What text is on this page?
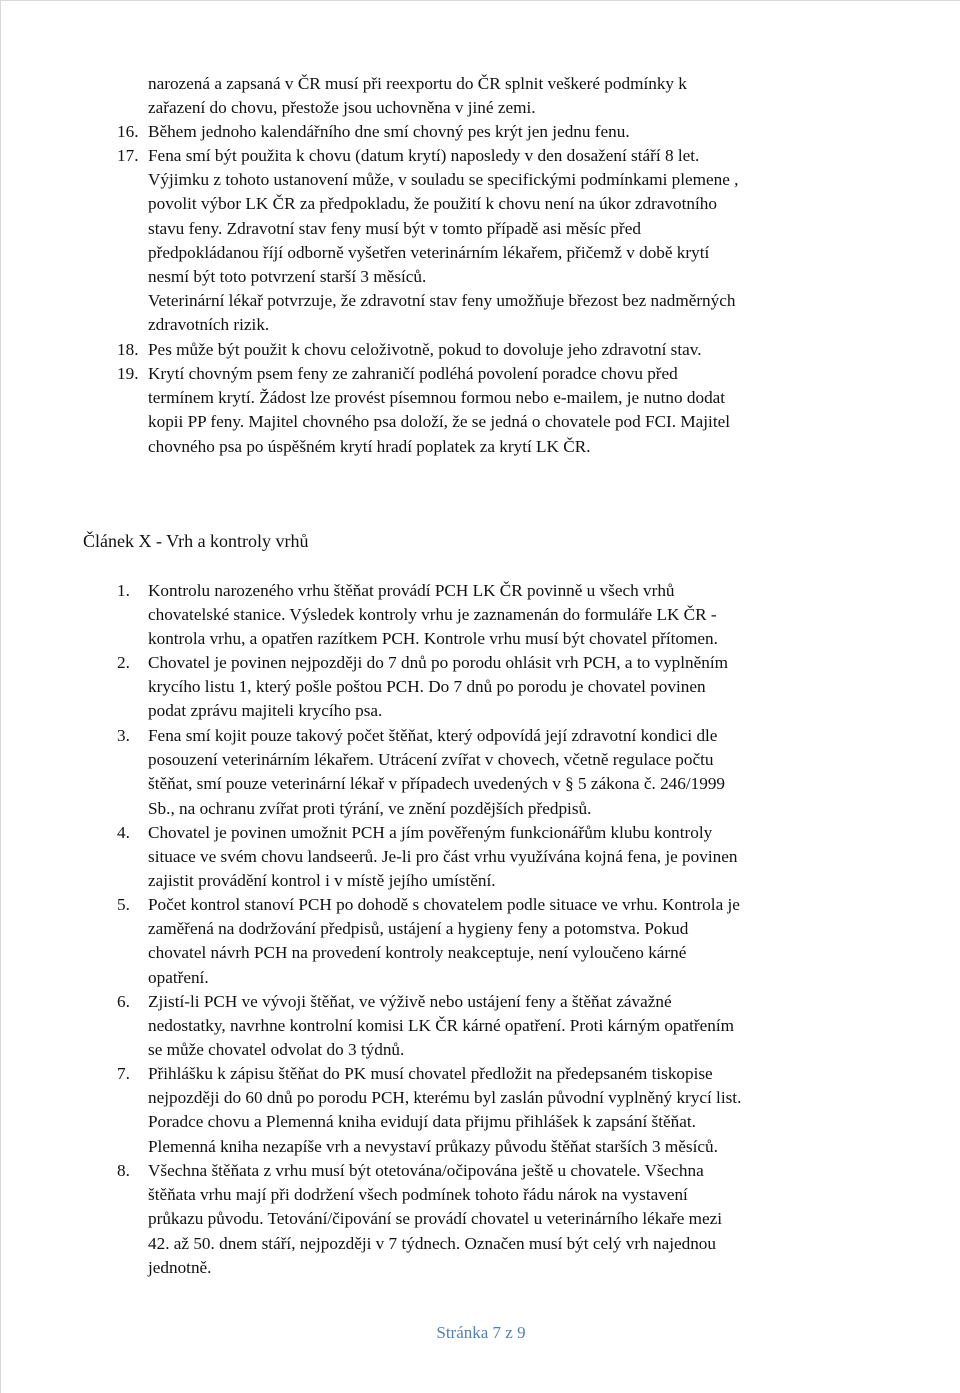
narozená a zapsaná v ČR musí při reexportu do ČR splnit veškeré podmínky k
zařazení do chovu, přestože jsou uchovněna v jiné zemi.
16. Během jednoho kalendářního dne smí chovný pes krýt jen jednu fenu.
17. Fena smí být použita k chovu (datum krytí) naposledy v den dosažení stáří 8 let.
Výjimku z tohoto ustanovení může, v souladu se specifickými podmínkami plemene ,
povolit výbor LK ČR za předpokladu, že použití k chovu není na úkor zdravotního
stavu feny. Zdravotní stav feny musí být v tomto případě asi měsíc před
předpokládanou říjí odborně vyšetřen veterinárním lékařem, přičemž v době krytí
nesmí být toto potvrzení starší 3 měsíců.
Veterinární lékař potvrzuje, že zdravotní stav feny umožňuje březost bez nadměrných
zdravotních rizik.
18. Pes může být použit k chovu celoživotně, pokud to dovoluje jeho zdravotní stav.
19. Krytí chovným psem feny ze zahraničí podléhá povolení poradce chovu před
termínem krytí. Žádost lze provést písemnou formou nebo e-mailem, je nutno dodat
kopii PP feny. Majitel chovného psa doloží, že se jedná o chovatele pod FCI. Majitel
chovného psa po úspěšném krytí hradí poplatek za krytí LK ČR.
Článek X - Vrh a kontroly vrhů
1. Kontrolu narozeného vrhu štěňat provádí PCH LK ČR povinně u všech vrhů
chovatelské stanice. Výsledek kontroly vrhu je zaznamenán do formuláře LK ČR -
kontrola vrhu, a opatřen razítkem PCH. Kontrole vrhu musí být chovatel přítomen.
2. Chovatel je povinen nejpozději do 7 dnů po porodu ohlásit vrh PCH, a to vyplněním
krycího listu 1, který pošle poštou PCH. Do 7 dnů po porodu je chovatel povinen
podat zprávu majiteli krycího psa.
3. Fena smí kojit pouze takový počet štěňat, který odpovídá její zdravotní kondici dle
posouzení veterinárním lékařem. Utrácení zvířat v chovech, včetně regulace počtu
štěňat, smí pouze veterinární lékař v případech uvedených v § 5 zákona č. 246/1999
Sb., na ochranu zvířat proti týrání, ve znění pozdějších předpisů.
4. Chovatel je povinen umožnit PCH a jím pověřeným funkcionářům klubu kontroly
situace ve svém chovu landseerů. Je-li pro část vrhu využívána kojná fena, je povinen
zajistit provádění kontrol i v místě jejího umístění.
5. Počet kontrol stanoví PCH po dohodě s chovatelem podle situace ve vrhu. Kontrola je
zaměřená na dodržování předpisů, ustájení a hygieny feny a potomstva. Pokud
chovatel návrh PCH na provedení kontroly neakceptuje, není vyloučeno kárné
opatření.
6. Zjistí-li PCH ve vývoji štěňat, ve výživě nebo ustájení feny a štěňat závažné
nedostatky, navrhne kontrolní komisi LK ČR kárné opatření. Proti kárným opatřením
se může chovatel odvolat do 3 týdnů.
7. Přihlášku k zápisu štěňat do PK musí chovatel předložit na předepsaném tiskopise
nejpozději do 60 dnů po porodu PCH, kterému byl zaslán původní vyplněný krycí list.
Poradce chovu a Plemenná kniha evidují data přijmu přihlášek k zapsání štěňat.
Plemenná kniha nezapíše vrh a nevystaví průkazy původu štěňat starších 3 měsíců.
8. Všechna štěňata z vrhu musí být otetována/očipována ještě u chovatele. Všechna
štěňata vrhu mají při dodržení všech podmínek tohoto řádu nárok na vystavení
průkazu původu. Tetování/čipování se provádí chovatel u veterinárního lékaře mezi
42. až 50. dnem stáří, nejpozději v 7 týdnech. Označen musí být celý vrh najednou
jednotně.
Stránka 7 z 9
